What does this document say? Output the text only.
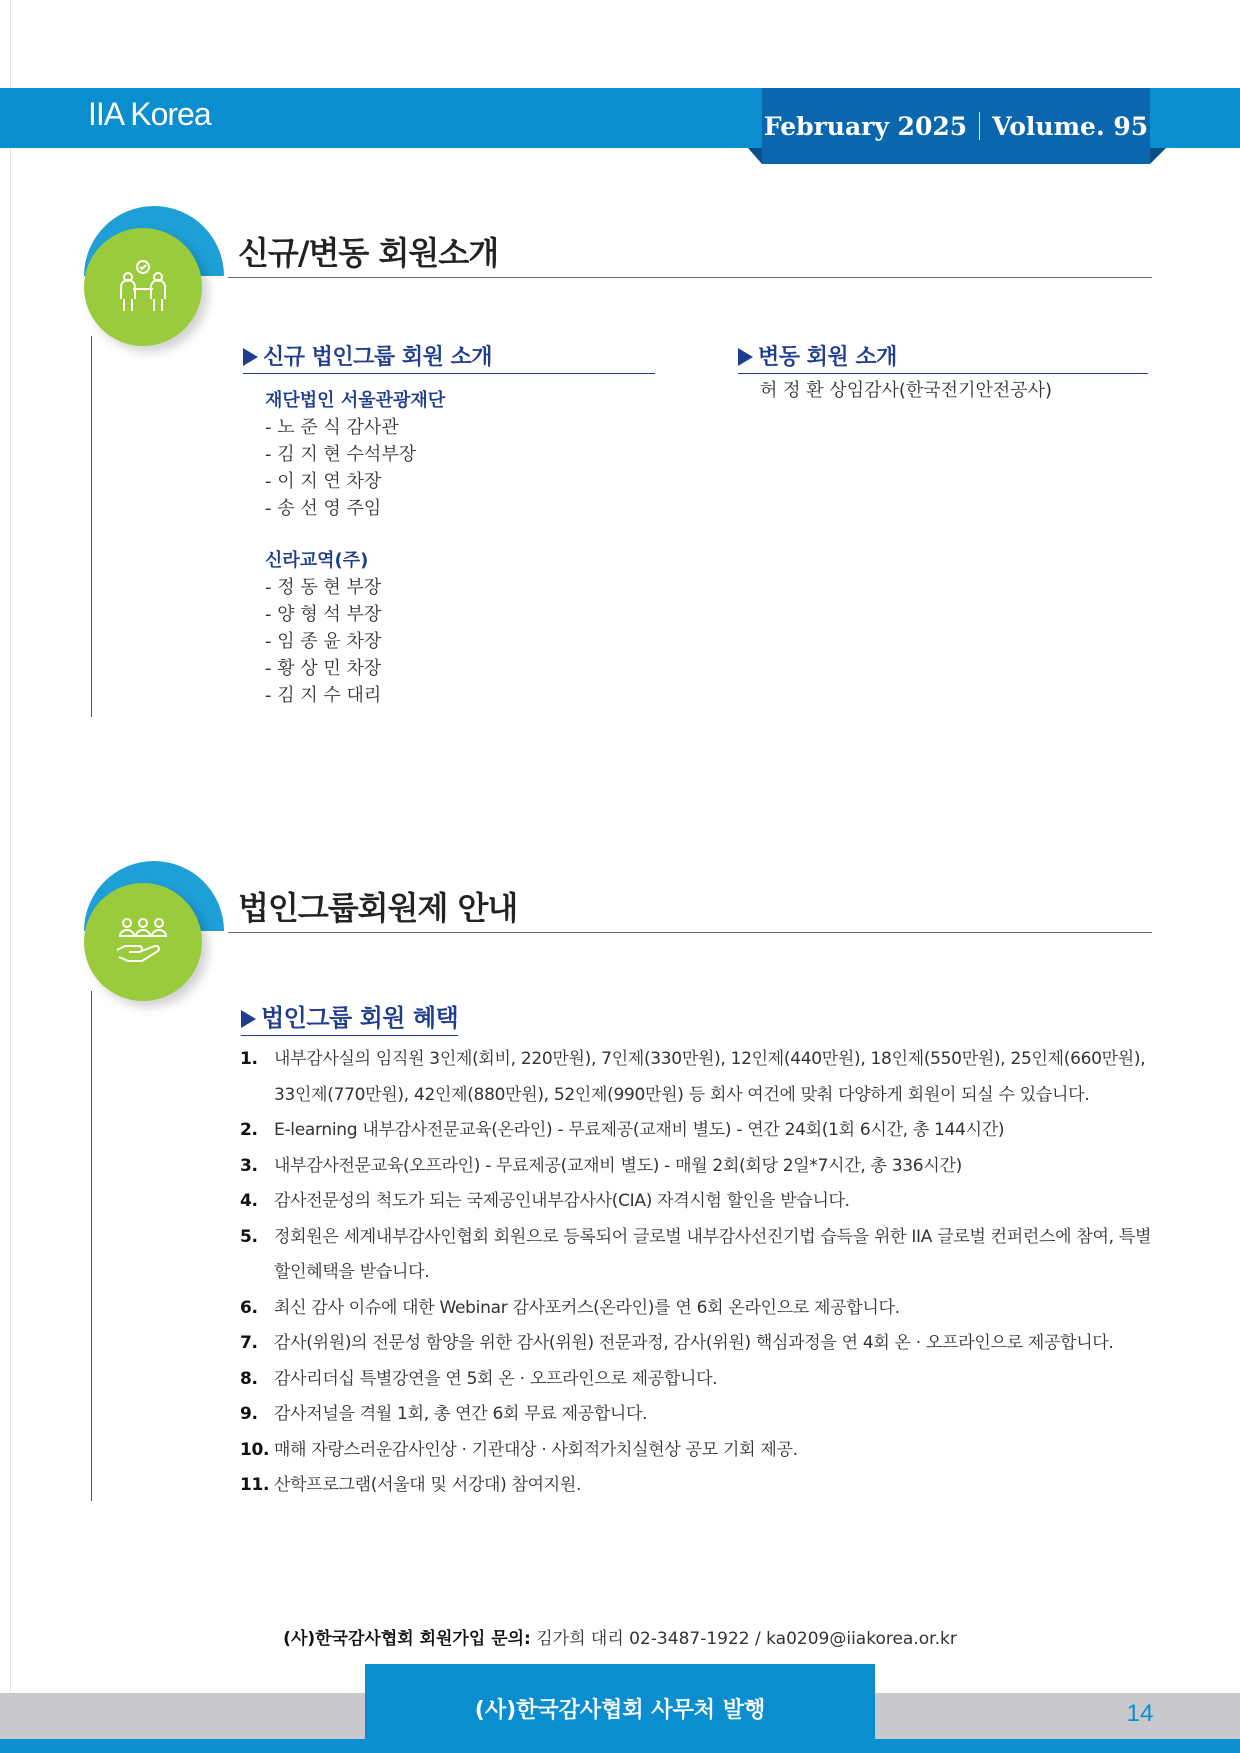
IIA Korea	February 2025 Volume. 95
신규/변동 회원소개
신규 법인그룹 회원 소개
재단법인 서울관광재단
- 노 준 식 감사관
- 김 지 현 수석부장
- 이 지 연 차장
- 송 선 영 주임
신라교역(주)
- 정 동 현 부장
- 양 형 석 부장
- 임 종 윤 차장
- 황 상 민 차장
- 김 지 수 대리
변동 회원 소개
허 정 환 상임감사(한국전기안전공사)
법인그룹회원제 안내
법인그룹 회원 혜택
1. 내부감사실의 임직원 3인제(회비, 220만원), 7인제(330만원), 12인제(440만원), 18인제(550만원), 25인제(660만원), 33인제(770만원), 42인제(880만원), 52인제(990만원) 등 회사 여건에 맞춰 다양하게 회원이 되실 수 있습니다.
2. E-learning 내부감사전문교육(온라인) - 무료제공(교재비 별도) - 연간 24회(1회 6시간, 총 144시간)
3. 내부감사전문교육(오프라인) - 무료제공(교재비 별도) - 매월 2회(회당 2일*7시간, 총 336시간)
4. 감사전문성의 척도가 되는 국제공인내부감사사(CIA) 자격시험 할인을 받습니다.
5. 정회원은 세계내부감사인협회 회원으로 등록되어 글로벌 내부감사선진기법 습득을 위한 IIA 글로벌 컨퍼런스에 참여, 특별 할인혜택을 받습니다.
6. 최신 감사 이슈에 대한 Webinar 감사포커스(온라인)를 연 6회 온라인으로 제공합니다.
7. 감사(위원)의 전문성 함양을 위한 감사(위원) 전문과정, 감사(위원) 핵심과정을 연 4회 온 · 오프라인으로 제공합니다.
8. 감사리더십 특별강연을 연 5회 온 · 오프라인으로 제공합니다.
9. 감사저널을 격월 1회, 총 연간 6회 무료 제공합니다.
10. 매해 자랑스러운감사인상 · 기관대상 · 사회적가치실현상 공모 기회 제공.
11. 산학프로그램(서울대 및 서강대) 참여지원.
(사)한국감사협회 회원가입 문의: 김가희 대리 02-3487-1922 / ka0209@iiakorea.or.kr
(사)한국감사협회 사무처 발행	14
